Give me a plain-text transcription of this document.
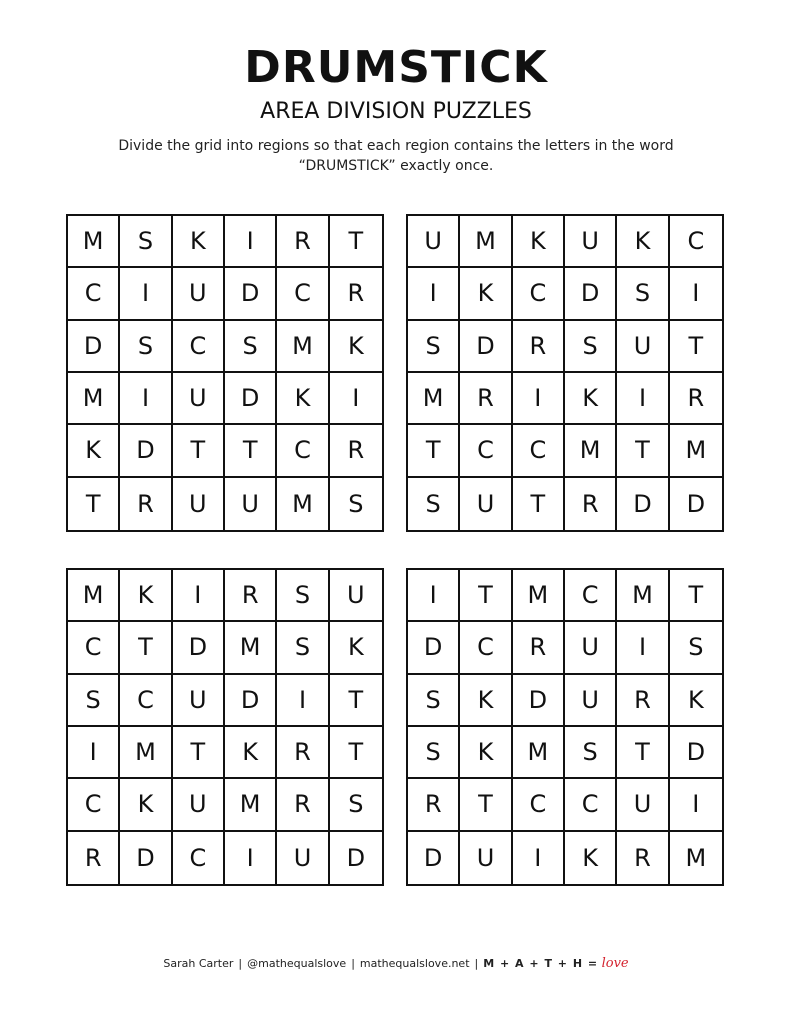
DRUMSTICK
AREA DIVISION PUZZLES
Divide the grid into regions so that each region contains the letters in the word “DRUMSTICK” exactly once.
M	S	K	I	R	T
C	I	U	D	C	R
D	S	C	S	M	K
M	I	U	D	K	I
K	D	T	T	C	R
T	R	U	U	M	S
U	M	K	U	K	C
I	K	C	D	S	I
S	D	R	S	U	T
M	R	I	K	I	R
T	C	C	M	T	M
S	U	T	R	D	D
M	K	I	R	S	U
C	T	D	M	S	K
S	C	U	D	I	T
I	M	T	K	R	T
C	K	U	M	R	S
R	D	C	I	U	D
I	T	M	C	M	T
D	C	R	U	I	S
S	K	D	U	R	K
S	K	M	S	T	D
R	T	C	C	U	I
D	U	I	K	R	M
Sarah Carter | @mathequalslove | mathequalslove.net | M + A + T + H = love
